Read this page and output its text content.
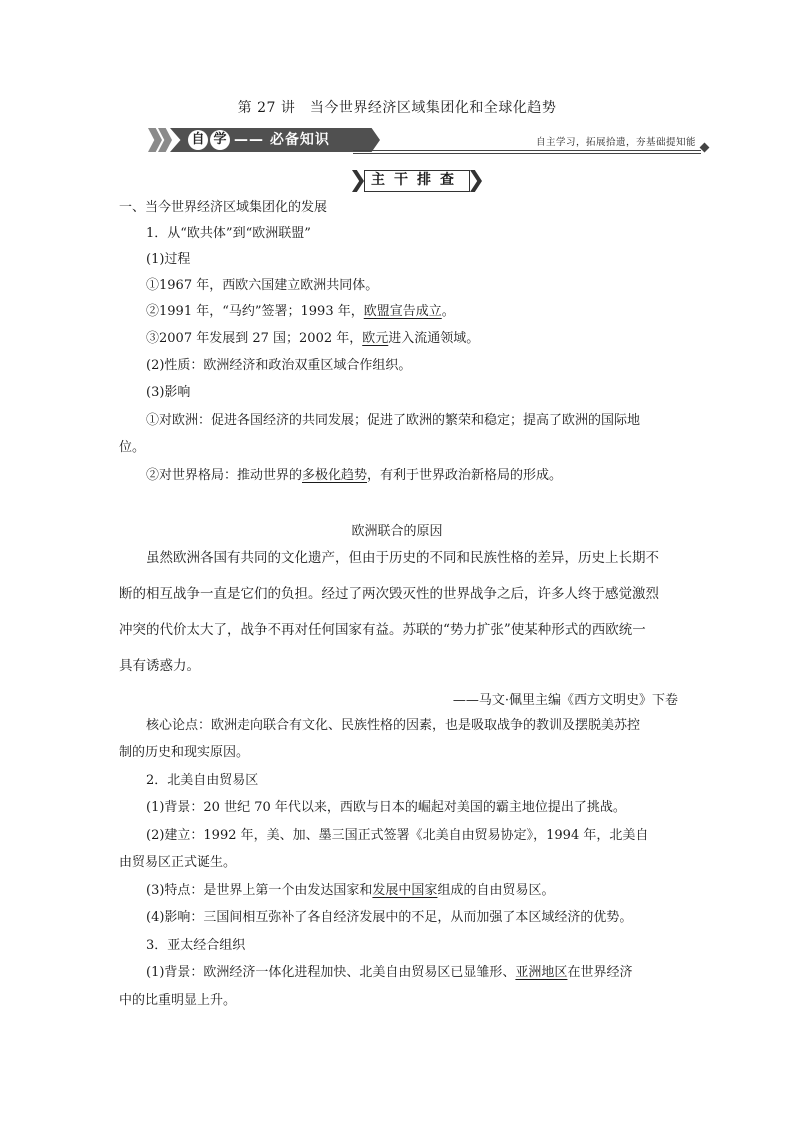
第 27 讲　当今世界经济区域集团化和全球化趋势
自 学 —— 必备知识	自主学习，拓展拾遗，夯基础提知能
主干排查
一、当今世界经济区域集团化的发展
1．从“欧共体”到“欧洲联盟”
(1)过程
①1967 年，西欧六国建立欧洲共同体。
②1991 年，“马约”签署；1993 年，欧盟宣告成立。
③2007 年发展到 27 国；2002 年，欧元进入流通领域。
(2)性质：欧洲经济和政治双重区域合作组织。
(3)影响
①对欧洲：促进各国经济的共同发展；促进了欧洲的繁荣和稳定；提高了欧洲的国际地
位。
②对世界格局：推动世界的多极化趋势，有利于世界政治新格局的形成。
欧洲联合的原因
虽然欧洲各国有共同的文化遗产，但由于历史的不同和民族性格的差异，历史上长期不
断的相互战争一直是它们的负担。经过了两次毁灭性的世界战争之后，许多人终于感觉激烈
冲突的代价太大了，战争不再对任何国家有益。苏联的“势力扩张”使某种形式的西欧统一
具有诱惑力。
——马文·佩里主编《西方文明史》下卷
核心论点：欧洲走向联合有文化、民族性格的因素，也是吸取战争的教训及摆脱美苏控
制的历史和现实原因。
2．北美自由贸易区
(1)背景：20 世纪 70 年代以来，西欧与日本的崛起对美国的霸主地位提出了挑战。
(2)建立：1992 年，美、加、墨三国正式签署《北美自由贸易协定》，1994 年，北美自
由贸易区正式诞生。
(3)特点：是世界上第一个由发达国家和发展中国家组成的自由贸易区。
(4)影响：三国间相互弥补了各自经济发展中的不足，从而加强了本区域经济的优势。
3．亚太经合组织
(1)背景：欧洲经济一体化进程加快、北美自由贸易区已显雏形、亚洲地区在世界经济
中的比重明显上升。
